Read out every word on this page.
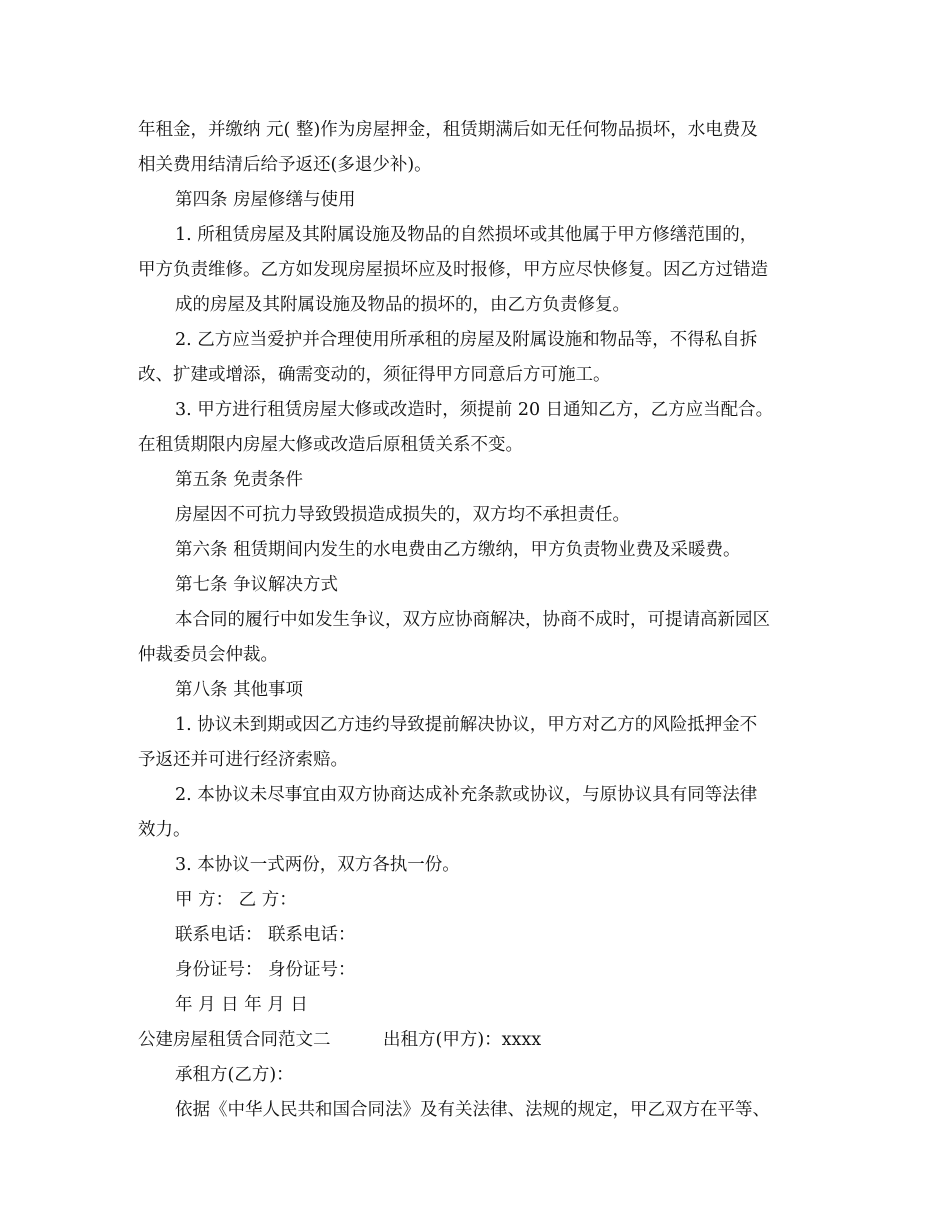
年租金，并缴纳 元( 整)作为房屋押金，租赁期满后如无任何物品损坏，水电费及
相关费用结清后给予返还(多退少补)。
第四条 房屋修缮与使用
1. 所租赁房屋及其附属设施及物品的自然损坏或其他属于甲方修缮范围的，
甲方负责维修。乙方如发现房屋损坏应及时报修，甲方应尽快修复。因乙方过错造
成的房屋及其附属设施及物品的损坏的，由乙方负责修复。
2. 乙方应当爱护并合理使用所承租的房屋及附属设施和物品等，不得私自拆
改、扩建或增添，确需变动的，须征得甲方同意后方可施工。
3. 甲方进行租赁房屋大修或改造时，须提前 20 日通知乙方，乙方应当配合。
在租赁期限内房屋大修或改造后原租赁关系不变。
第五条 免责条件
房屋因不可抗力导致毁损造成损失的，双方均不承担责任。
第六条 租赁期间内发生的水电费由乙方缴纳，甲方负责物业费及采暖费。
第七条 争议解决方式
本合同的履行中如发生争议，双方应协商解决，协商不成时，可提请高新园区
仲裁委员会仲裁。
第八条 其他事项
1. 协议未到期或因乙方违约导致提前解决协议，甲方对乙方的风险抵押金不
予返还并可进行经济索赔。
2. 本协议未尽事宜由双方协商达成补充条款或协议，与原协议具有同等法律
效力。
3. 本协议一式两份，双方各执一份。
甲 方： 乙 方：
联系电话： 联系电话：
身份证号： 身份证号：
年 月 日 年 月 日
公建房屋租赁合同范文二	出租方(甲方)：xxxx
承租方(乙方)：
依据《中华人民共和国合同法》及有关法律、法规的规定，甲乙双方在平等、
